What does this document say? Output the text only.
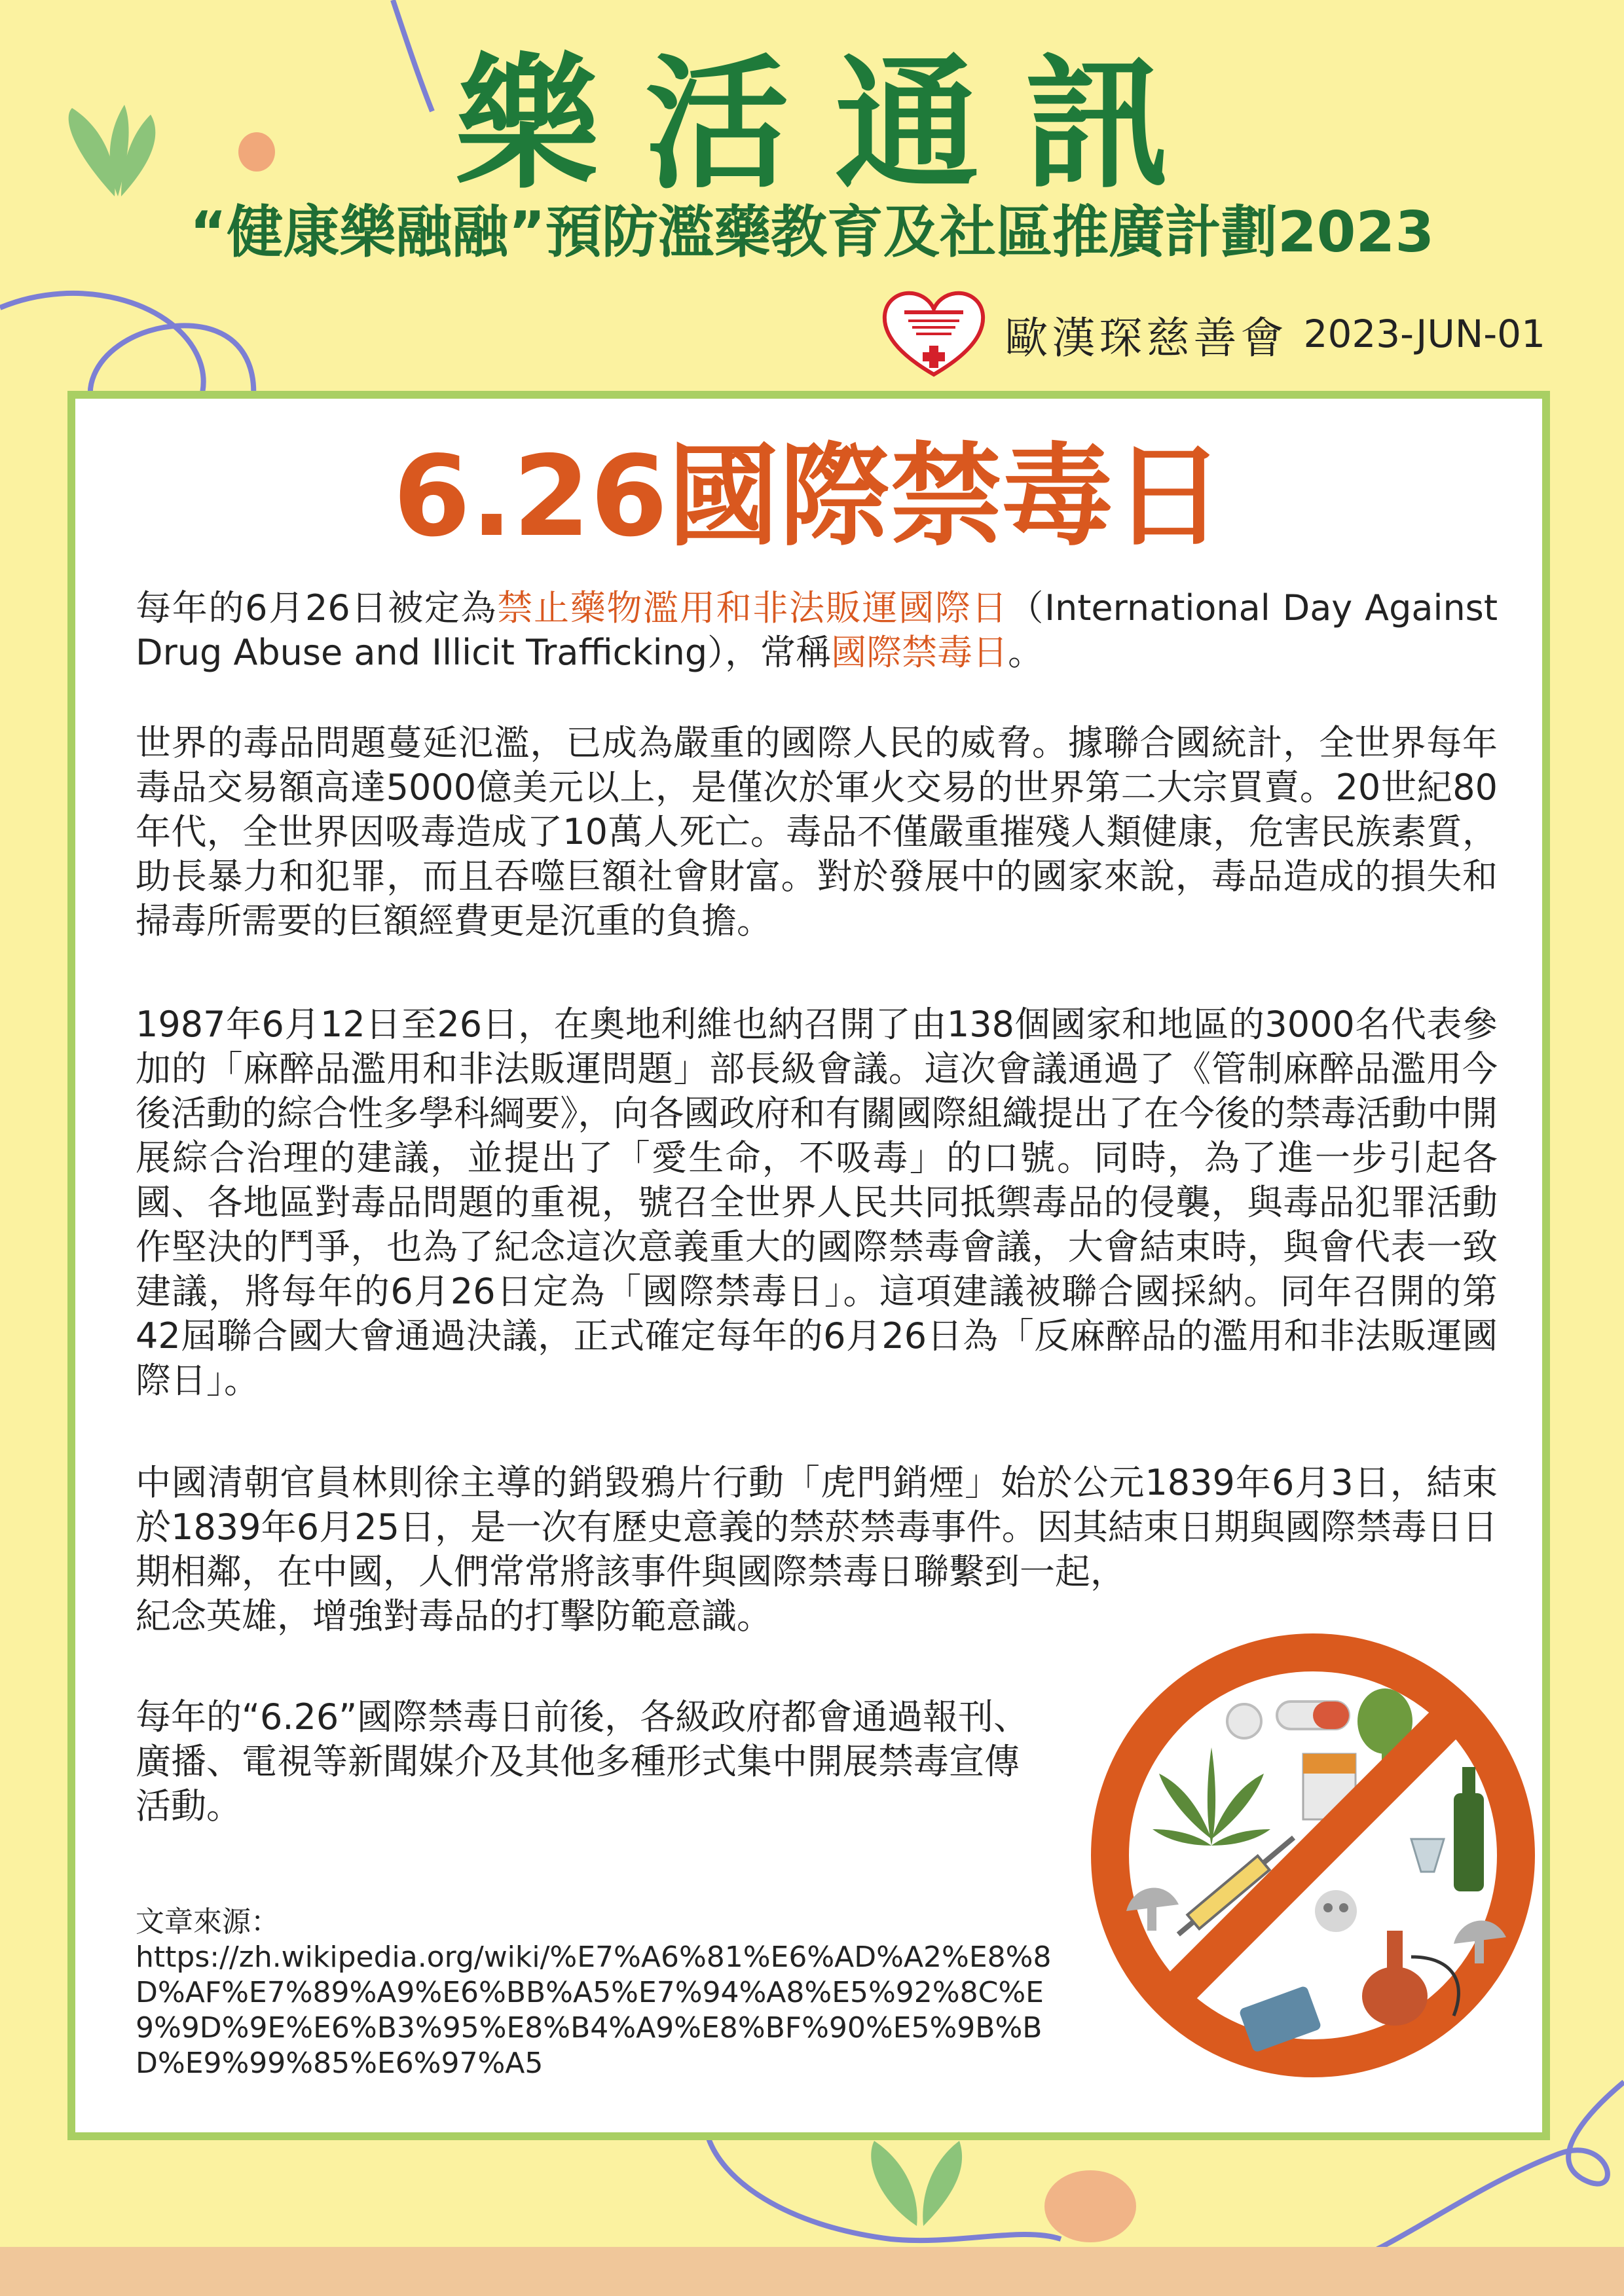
樂活通訊
“健康樂融融”預防濫藥教育及社區推廣計劃2023
歐漢琛慈善會 2023-JUN-01
6.26國際禁毒日

每年的6月26日被定為禁止藥物濫用和非法販運國際日（International Day Against Drug Abuse and Illicit Trafficking），常稱國際禁毒日。

世界的毒品問題蔓延氾濫，已成為嚴重的國際人民的威脅。據聯合國統計，全世界每年毒品交易額高達5000億美元以上，是僅次於軍火交易的世界第二大宗買賣。20世紀80年代，全世界因吸毒造成了10萬人死亡。毒品不僅嚴重摧殘人類健康，危害民族素質，助長暴力和犯罪，而且吞噬巨額社會財富。對於發展中的國家來說，毒品造成的損失和掃毒所需要的巨額經費更是沉重的負擔。

1987年6月12日至26日，在奧地利維也納召開了由138個國家和地區的3000名代表參加的「麻醉品濫用和非法販運問題」部長級會議。這次會議通過了《管制麻醉品濫用今後活動的綜合性多學科綱要》，向各國政府和有關國際組織提出了在今後的禁毒活動中開展綜合治理的建議，並提出了「愛生命，不吸毒」的口號。同時，為了進一步引起各國、各地區對毒品問題的重視，號召全世界人民共同抵禦毒品的侵襲，與毒品犯罪活動作堅決的鬥爭，也為了紀念這次意義重大的國際禁毒會議，大會結束時，與會代表一致建議，將每年的6月26日定為「國際禁毒日」。這項建議被聯合國採納。同年召開的第42屆聯合國大會通過決議，正式確定每年的6月26日為「反麻醉品的濫用和非法販運國際日」。

中國清朝官員林則徐主導的銷毀鴉片行動「虎門銷煙」始於公元1839年6月3日，結束於1839年6月25日，是一次有歷史意義的禁菸禁毒事件。因其結束日期與國際禁毒日日期相鄰，在中國，人們常常將該事件與國際禁毒日聯繫到一起，
紀念英雄，增強對毒品的打擊防範意識。

每年的“6.26”國際禁毒日前後，各級政府都會通過報刊、廣播、電視等新聞媒介及其他多種形式集中開展禁毒宣傳活動。

文章來源：
https://zh.wikipedia.org/wiki/%E7%A6%81%E6%AD%A2%E8%8D%AF%E7%89%A9%E6%BB%A5%E7%94%A8%E5%92%8C%E9%9D%9E%E6%B3%95%E8%B4%A9%E8%BF%90%E5%9B%BD%E9%99%85%E6%97%A5
